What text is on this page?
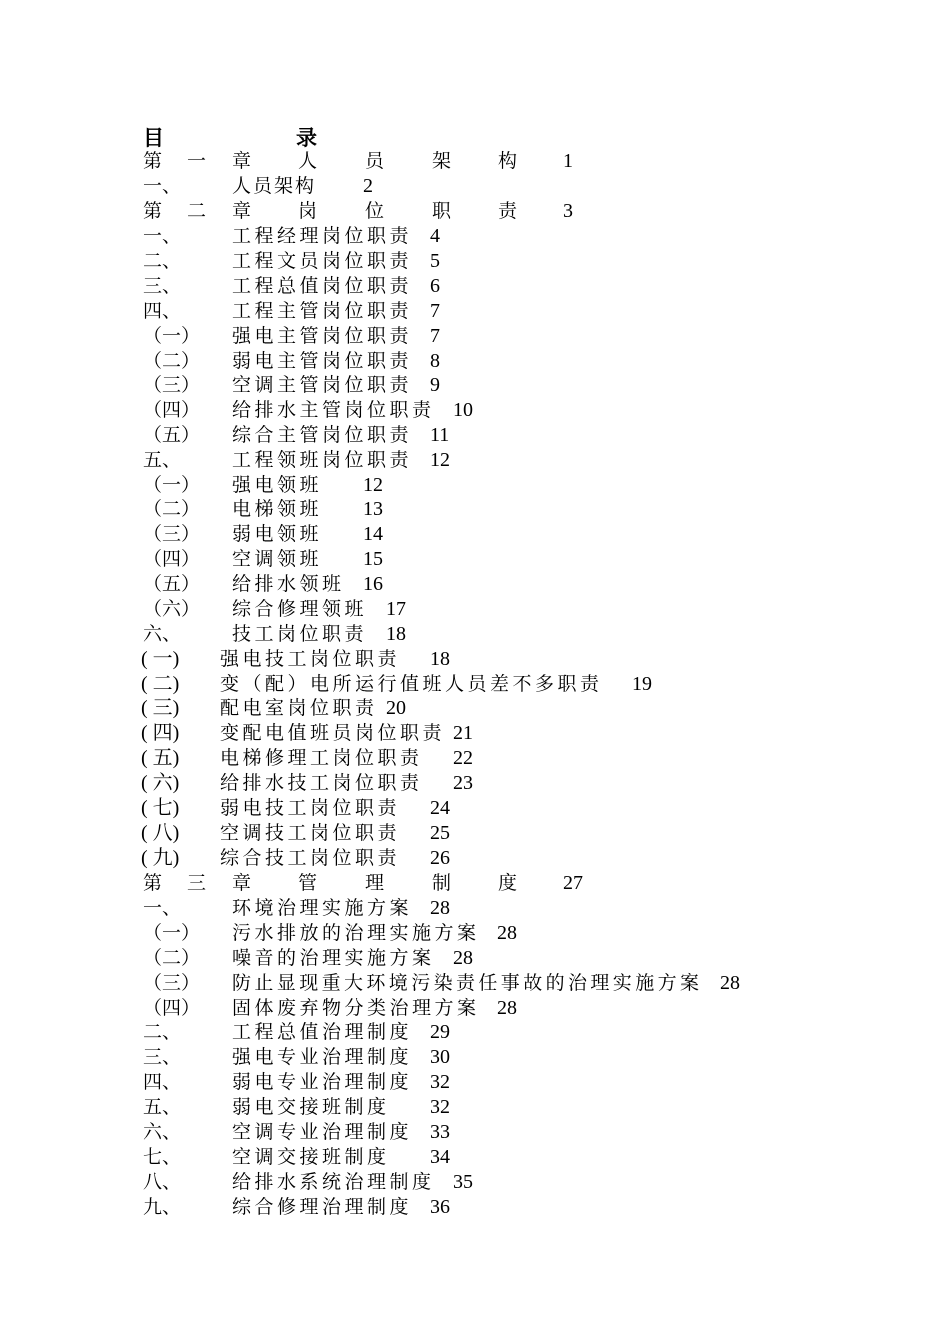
目	录
第 一 章 人	员	架 构 1
一、	人员架构 2
第 二 章 岗	位	职 责 3
一、	工程经理岗位职责 4
二、	工程文员岗位职责 5
三、	工程总值岗位职责 6
四、	工程主管岗位职责 7
（一） 强电主管岗位职责 7
（二） 弱电主管岗位职责 8
（三） 空调主管岗位职责 9
（四） 给排水主管岗位职责 10
（五） 综合主管岗位职责 11
五、	工程领班岗位职责 12
（一） 强电领班 12
（二） 电梯领班 13
（三） 弱电领班 14
（四） 空调领班 15
（五） 给排水领班 16
（六） 综合修理领班 17
六、	技工岗位职责 18
( 一) 强电技工岗位职责 18
( 二) 变（配）电所运行值班人员差不多职责 19
( 三) 配电室岗位职责 20
( 四) 变配电值班员岗位职责 21
( 五) 电梯修理工岗位职责 22
( 六) 给排水技工岗位职责 23
( 七) 弱电技工岗位职责 24
( 八) 空调技工岗位职责 25
( 九) 综合技工岗位职责 26
第 三 章 管	理	制 度 27
一、	环境治理实施方案 28
（一） 污水排放的治理实施方案 28
（二） 噪音的治理实施方案 28
（三） 防止显现重大环境污染责任事故的治理实施方案 28
（四） 固体废弃物分类治理方案 28
二、	工程总值治理制度 29
三、	强电专业治理制度 30
四、	弱电专业治理制度 32
五、	弱电交接班制度 32
六、	空调专业治理制度 33
七、	空调交接班制度 34
八、	给排水系统治理制度 35
九、	综合修理治理制度 36
